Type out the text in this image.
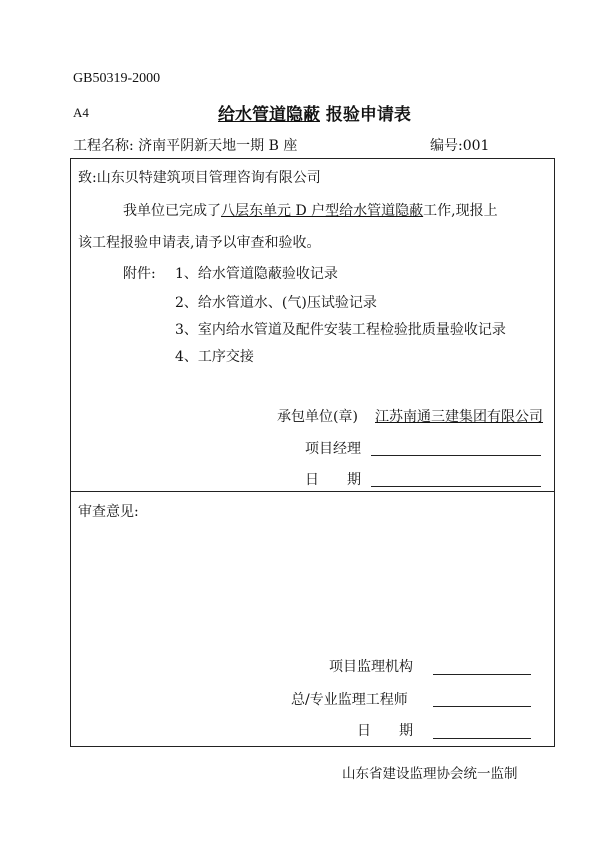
GB50319-2000
A4	给水管道隐蔽 报验申请表
工程名称: 济南平阴新天地一期 B 座	编号:001
致:山东贝特建筑项目管理咨询有限公司
我单位已完成了八层东单元 D 户型给水管道隐蔽工作,现报上
该工程报验申请表,请予以审查和验收。
附件: 1、给水管道隐蔽验收记录
2、给水管道水、(气)压试验记录
3、室内给水管道及配件安装工程检验批质量验收记录
4、工序交接
承包单位(章) 江苏南通三建集团有限公司
项目经理
日　　期
审查意见:
项目监理机构
总/专业监理工程师
日　　期
山东省建设监理协会统一监制
